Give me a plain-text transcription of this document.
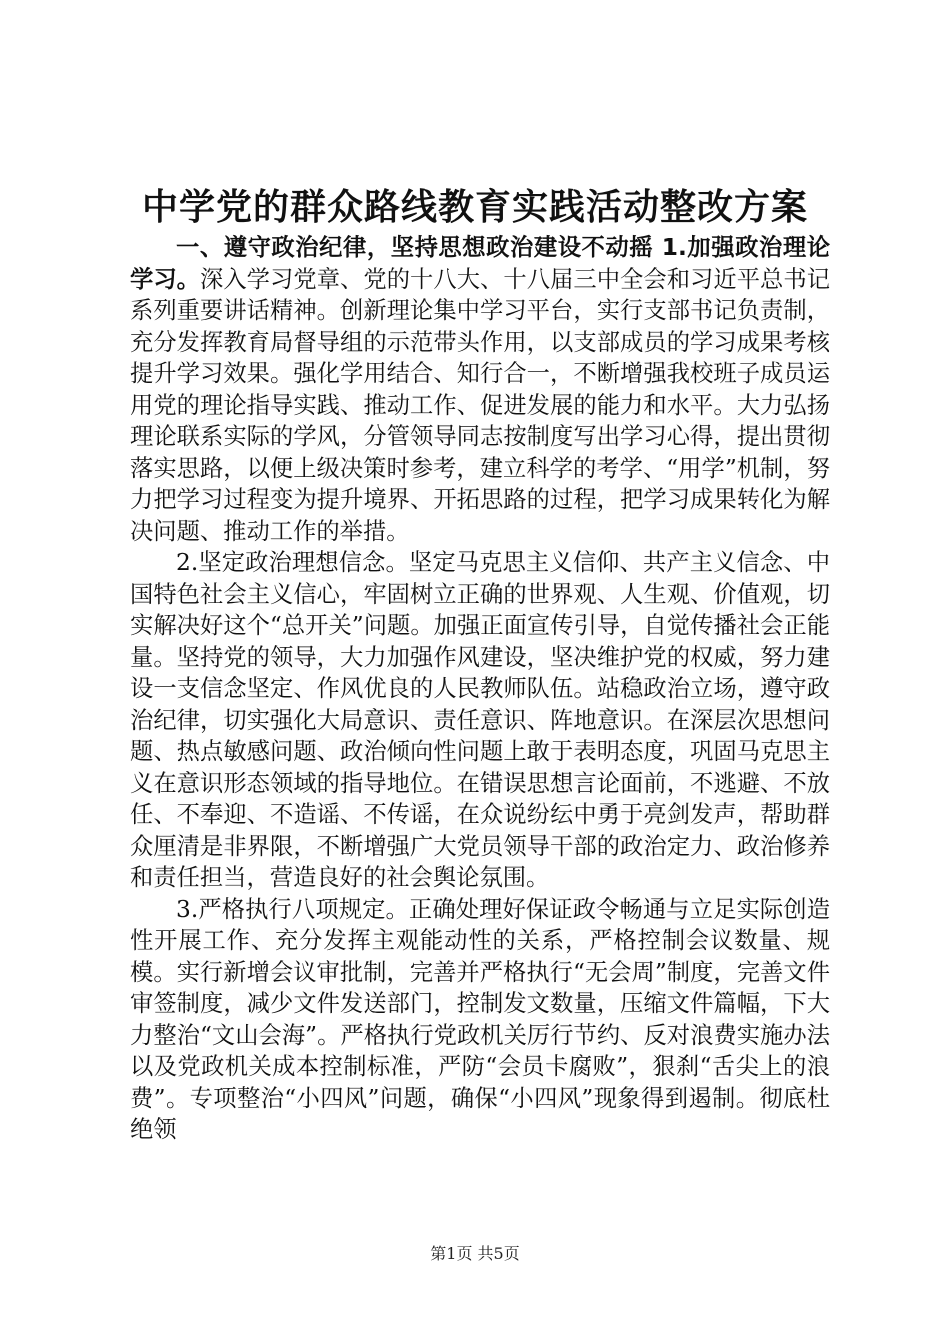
中学党的群众路线教育实践活动整改方案

一、遵守政治纪律，坚持思想政治建设不动摇 1.加强政治理论学习。深入学习党章、党的十八大、十八届三中全会和习近平总书记系列重要讲话精神。创新理论集中学习平台，实行支部书记负责制，充分发挥教育局督导组的示范带头作用，以支部成员的学习成果考核提升学习效果。强化学用结合、知行合一，不断增强我校班子成员运用党的理论指导实践、推动工作、促进发展的能力和水平。大力弘扬理论联系实际的学风，分管领导同志按制度写出学习心得，提出贯彻落实思路，以便上级决策时参考，建立科学的考学、“用学”机制，努力把学习过程变为提升境界、开拓思路的过程，把学习成果转化为解决问题、推动工作的举措。

2.坚定政治理想信念。坚定马克思主义信仰、共产主义信念、中国特色社会主义信心，牢固树立正确的世界观、人生观、价值观，切实解决好这个“总开关”问题。加强正面宣传引导，自觉传播社会正能量。坚持党的领导，大力加强作风建设，坚决维护党的权威，努力建设一支信念坚定、作风优良的人民教师队伍。站稳政治立场，遵守政治纪律，切实强化大局意识、责任意识、阵地意识。在深层次思想问题、热点敏感问题、政治倾向性问题上敢于表明态度，巩固马克思主义在意识形态领域的指导地位。在错误思想言论面前，不逃避、不放任、不奉迎、不造谣、不传谣，在众说纷纭中勇于亮剑发声，帮助群众厘清是非界限，不断增强广大党员领导干部的政治定力、政治修养和责任担当，营造良好的社会舆论氛围。

3.严格执行八项规定。正确处理好保证政令畅通与立足实际创造性开展工作、充分发挥主观能动性的关系，严格控制会议数量、规模。实行新增会议审批制，完善并严格执行“无会周”制度，完善文件审签制度，减少文件发送部门，控制发文数量，压缩文件篇幅，下大力整治“文山会海”。严格执行党政机关厉行节约、反对浪费实施办法以及党政机关成本控制标准，严防“会员卡腐败”，狠刹“舌尖上的浪费”。专项整治“小四风”问题，确保“小四风”现象得到遏制。彻底杜绝领

第1页 共5页
